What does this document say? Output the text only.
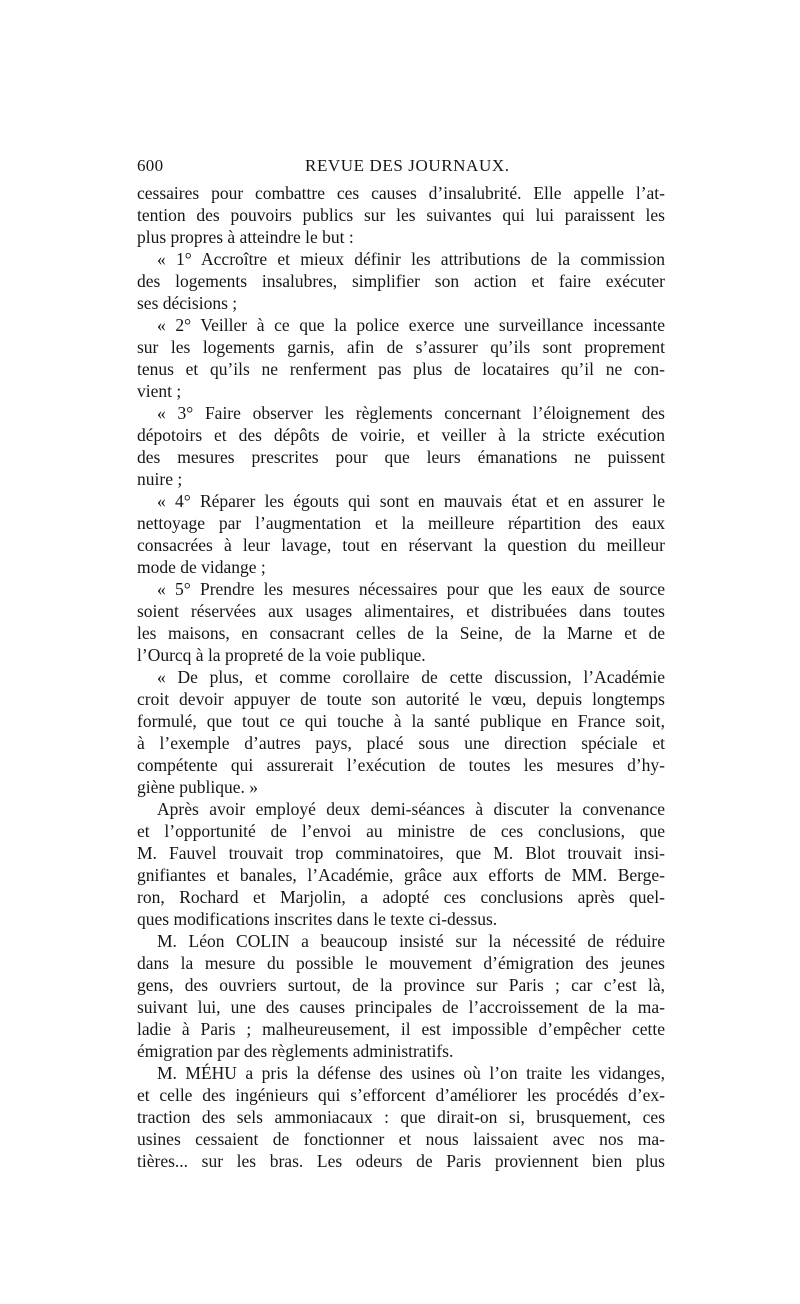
600	REVUE DES JOURNAUX.
cessaires pour combattre ces causes d’insalubrité. Elle appelle l’at-
tention des pouvoirs publics sur les suivantes qui lui paraissent les
plus propres à atteindre le but :
« 1° Accroître et mieux définir les attributions de la commission
des logements insalubres, simplifier son action et faire exécuter
ses décisions ;
« 2° Veiller à ce que la police exerce une surveillance incessante
sur les logements garnis, afin de s’assurer qu’ils sont proprement
tenus et qu’ils ne renferment pas plus de locataires qu’il ne con-
vient ;
« 3° Faire observer les règlements concernant l’éloignement des
dépotoirs et des dépôts de voirie, et veiller à la stricte exécution
des mesures prescrites pour que leurs émanations ne puissent
nuire ;
« 4° Réparer les égouts qui sont en mauvais état et en assurer le
nettoyage par l’augmentation et la meilleure répartition des eaux
consacrées à leur lavage, tout en réservant la question du meilleur
mode de vidange ;
« 5° Prendre les mesures nécessaires pour que les eaux de source
soient réservées aux usages alimentaires, et distribuées dans toutes
les maisons, en consacrant celles de la Seine, de la Marne et de
l’Ourcq à la propreté de la voie publique.
« De plus, et comme corollaire de cette discussion, l’Académie
croit devoir appuyer de toute son autorité le vœu, depuis longtemps
formulé, que tout ce qui touche à la santé publique en France soit,
à l’exemple d’autres pays, placé sous une direction spéciale et
compétente qui assurerait l’exécution de toutes les mesures d’hy-
giène publique. »
Après avoir employé deux demi-séances à discuter la convenance
et l’opportunité de l’envoi au ministre de ces conclusions, que
M. Fauvel trouvait trop comminatoires, que M. Blot trouvait insi-
gnifiantes et banales, l’Académie, grâce aux efforts de MM. Berge-
ron, Rochard et Marjolin, a adopté ces conclusions après quel-
ques modifications inscrites dans le texte ci-dessus.
M. Léon COLIN a beaucoup insisté sur la nécessité de réduire
dans la mesure du possible le mouvement d’émigration des jeunes
gens, des ouvriers surtout, de la province sur Paris ; car c’est là,
suivant lui, une des causes principales de l’accroissement de la ma-
ladie à Paris ; malheureusement, il est impossible d’empêcher cette
émigration par des règlements administratifs.
M. MÉHU a pris la défense des usines où l’on traite les vidanges,
et celle des ingénieurs qui s’efforcent d’améliorer les procédés d’ex-
traction des sels ammoniacaux : que dirait-on si, brusquement, ces
usines cessaient de fonctionner et nous laissaient avec nos ma-
tières... sur les bras. Les odeurs de Paris proviennent bien plus
